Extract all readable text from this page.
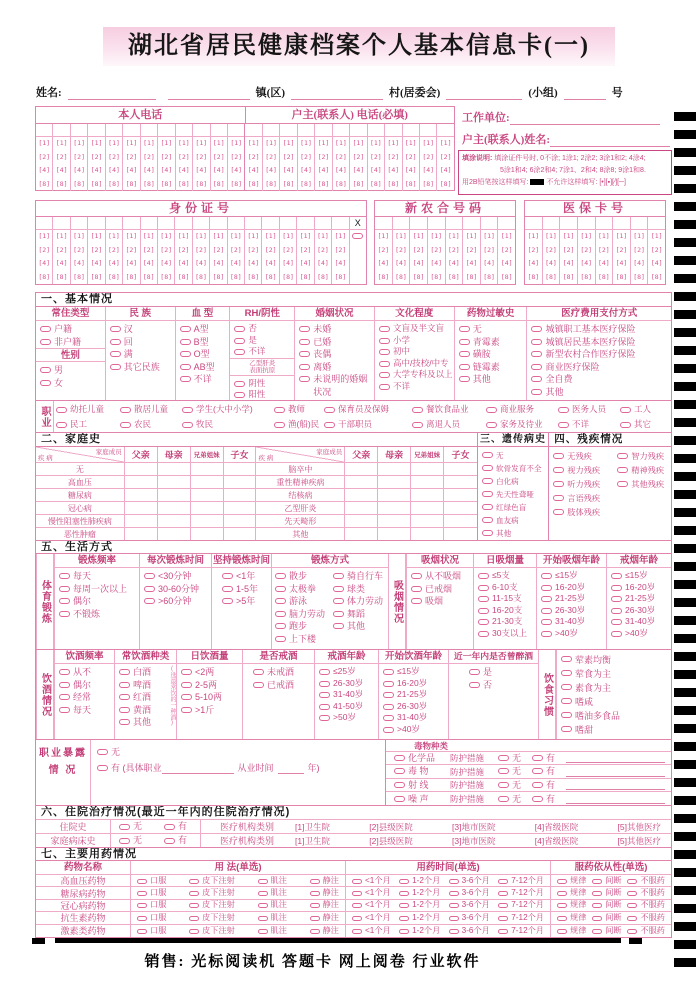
湖北省居民健康档案个人基本信息卡(一)
姓名:	镇(区)	村(居委会)	(小组)	号
本人电话	户主(联系人) 电话(必填)
[1]
[2]
[4]
[8]
[1]
[2]
[4]
[8]
[1]
[2]
[4]
[8]
[1]
[2]
[4]
[8]
[1]
[2]
[4]
[8]
[1]
[2]
[4]
[8]
[1]
[2]
[4]
[8]
[1]
[2]
[4]
[8]
[1]
[2]
[4]
[8]
[1]
[2]
[4]
[8]
[1]
[2]
[4]
[8]
[1]
[2]
[4]
[8]
[1]
[2]
[4]
[8]
[1]
[2]
[4]
[8]
[1]
[2]
[4]
[8]
[1]
[2]
[4]
[8]
[1]
[2]
[4]
[8]
[1]
[2]
[4]
[8]
[1]
[2]
[4]
[8]
[1]
[2]
[4]
[8]
[1]
[2]
[4]
[8]
[1]
[2]
[4]
[8]
[1]
[2]
[4]
[8]
[1]
[2]
[4]
[8]
工作单位:
户主(联系人)姓名:
填涂说明: 填涂证件号时, 0不涂; 1涂1; 2涂2; 3涂1和2; 4涂4;
5涂1和4; 6涂2和4; 7涂1、2和4; 8涂8; 9涂1和8.
用2B铅笔按这样填写:	不允许这样填写: [•][▪][∕][─]
身份证号
[1]
[2]
[4]
[8]
[1]
[2]
[4]
[8]
[1]
[2]
[4]
[8]
[1]
[2]
[4]
[8]
[1]
[2]
[4]
[8]
[1]
[2]
[4]
[8]
[1]
[2]
[4]
[8]
[1]
[2]
[4]
[8]
[1]
[2]
[4]
[8]
[1]
[2]
[4]
[8]
[1]
[2]
[4]
[8]
[1]
[2]
[4]
[8]
[1]
[2]
[4]
[8]
[1]
[2]
[4]
[8]
[1]
[2]
[4]
[8]
[1]
[2]
[4]
[8]
[1]
[2]
[4]
[8]
[1]
[2]
[4]
[8]
X
新农合号码
[1]
[2]
[4]
[8]
[1]
[2]
[4]
[8]
[1]
[2]
[4]
[8]
[1]
[2]
[4]
[8]
[1]
[2]
[4]
[8]
[1]
[2]
[4]
[8]
[1]
[2]
[4]
[8]
[1]
[2]
[4]
[8]
医保卡号
[1]
[2]
[4]
[8]
[1]
[2]
[4]
[8]
[1]
[2]
[4]
[8]
[1]
[2]
[4]
[8]
[1]
[2]
[4]
[8]
[1]
[2]
[4]
[8]
[1]
[2]
[4]
[8]
[1]
[2]
[4]
[8]
一、基本情况
常住类型
户籍
非户籍
性别
男
女
民 族
汉
回
满
其它民族
血 型
A型
B型
O型
AB型
不详
RH/阴性
否
是
不详
乙型肝炎
表面抗原
阴性
阳性
婚姻状况
未婚
已婚
丧偶
离婚
未说明的婚姻状况
文化程度
文盲及半文盲
小学
初中
高中/技校/中专
大学专科及以上
不详
药物过敏史
无
青霉素
磺胺
链霉素
其他
医疗费用支付方式
城镇职工基本医疗保险
城镇居民基本医疗保险
新型农村合作医疗保险
商业医疗保险
全自费
其他
职业	幼托儿童	散居儿童	学生(大中小学)	教师	保育员及保姆	餐饮食品业	商业服务	医务人员	工人
民工	农民	牧民	渔(船)民 干部职员	离退人员	家务及待业	不详	其它
二、家庭史
家庭成员
疾 病	父亲	母亲	兄弟姐妹	子女	家庭成员
疾 病	父亲	母亲	兄弟姐妹	子女
无	脑卒中
高血压	重性精神疾病
糖尿病	结核病
冠心病	乙型肝炎
慢性阻塞性肺疾病	先天畸形
恶性肿瘤	其他
三、遗传病史
无
软骨发育不全
白化病
先天性聋哑
红绿色盲
血友病
其他
四、残疾情况
无残疾
视力残疾
听力残疾
言语残疾
肢体残疾
智力残疾
精神残疾
其他残疾
五、生活方式
体育锻炼
锻炼频率
每天
每周一次以上
偶尔
不锻炼
每次锻炼时间
<30分钟
30-60分钟
>60分钟
坚持锻炼时间
<1年
1-5年
>5年
锻炼方式
散步
太极拳
游泳
脑力劳动
跑步
上下楼
骑自行车
球类
体力劳动
舞蹈
其他
吸烟情况
吸烟状况
从不吸烟
已戒烟
吸烟
日吸烟量
≤5支
6-10支
11-15支
16-20支
21-30支
30支以上
开始吸烟年龄
≤15岁
16-20岁
21-25岁
26-30岁
31-40岁
>40岁
戒烟年龄
≤15岁
16-20岁
21-25岁
26-30岁
31-40岁
>40岁
饮酒情况
饮酒频率
从不
偶尔
经常
每天
常饮酒种类
白酒
啤酒
红酒
黄酒
其他	(选最常饮的一种酒)
日饮酒量
<2两
2-5两
5-10两
>1斤
是否戒酒
未戒酒
已戒酒
戒酒年龄
≤25岁
26-30岁
31-40岁
41-50岁
>50岁
开始饮酒年龄
≤15岁
16-20岁
21-25岁
26-30岁
31-40岁
>40岁
近一年内是否曾醉酒
是
否	饮食习惯
荤素均衡
荤食为主
素食为主
嗜咸
嗜油多食品
嗜甜
职业暴露
情 况
无
有 (具体职业	从业时间	年)
毒物种类
化学品 防护措施	无	有
毒 物	防护措施	无	有
射 线	防护措施	无	有
噪 声	防护措施	无	有
六、住院治疗情况(最近一年内的住院治疗情况)
住院史	无	有	医疗机构类别	[1]卫生院	[2]县级医院	[3]地市医院	[4]省级医院	[5]其他医疗
家庭病床史	无	有	医疗机构类别	[1]卫生院	[2]县级医院	[3]地市医院	[4]省级医院	[5]其他医疗
七、主要用药情况
药物名称	用 法(单选)	用药时间(单选)	服药依从性(单选)
高血压药物	口服	皮下注射	肌注	静注	<1个月	1-2个月	3-6个月	7-12个月	规律 间断 不服药
糖尿病药物	口服	皮下注射	肌注	静注	<1个月	1-2个月	3-6个月	7-12个月	规律 间断 不服药
冠心病药物	口服	皮下注射	肌注	静注	<1个月	1-2个月	3-6个月	7-12个月	规律 间断 不服药
抗生素药物	口服	皮下注射	肌注	静注	<1个月	1-2个月	3-6个月	7-12个月	规律 间断 不服药
激素类药物	口服	皮下注射	肌注	静注	<1个月	1-2个月	3-6个月	7-12个月	规律 间断 不服药
销售: 光标阅读机 答题卡 网上阅卷 行业软件
